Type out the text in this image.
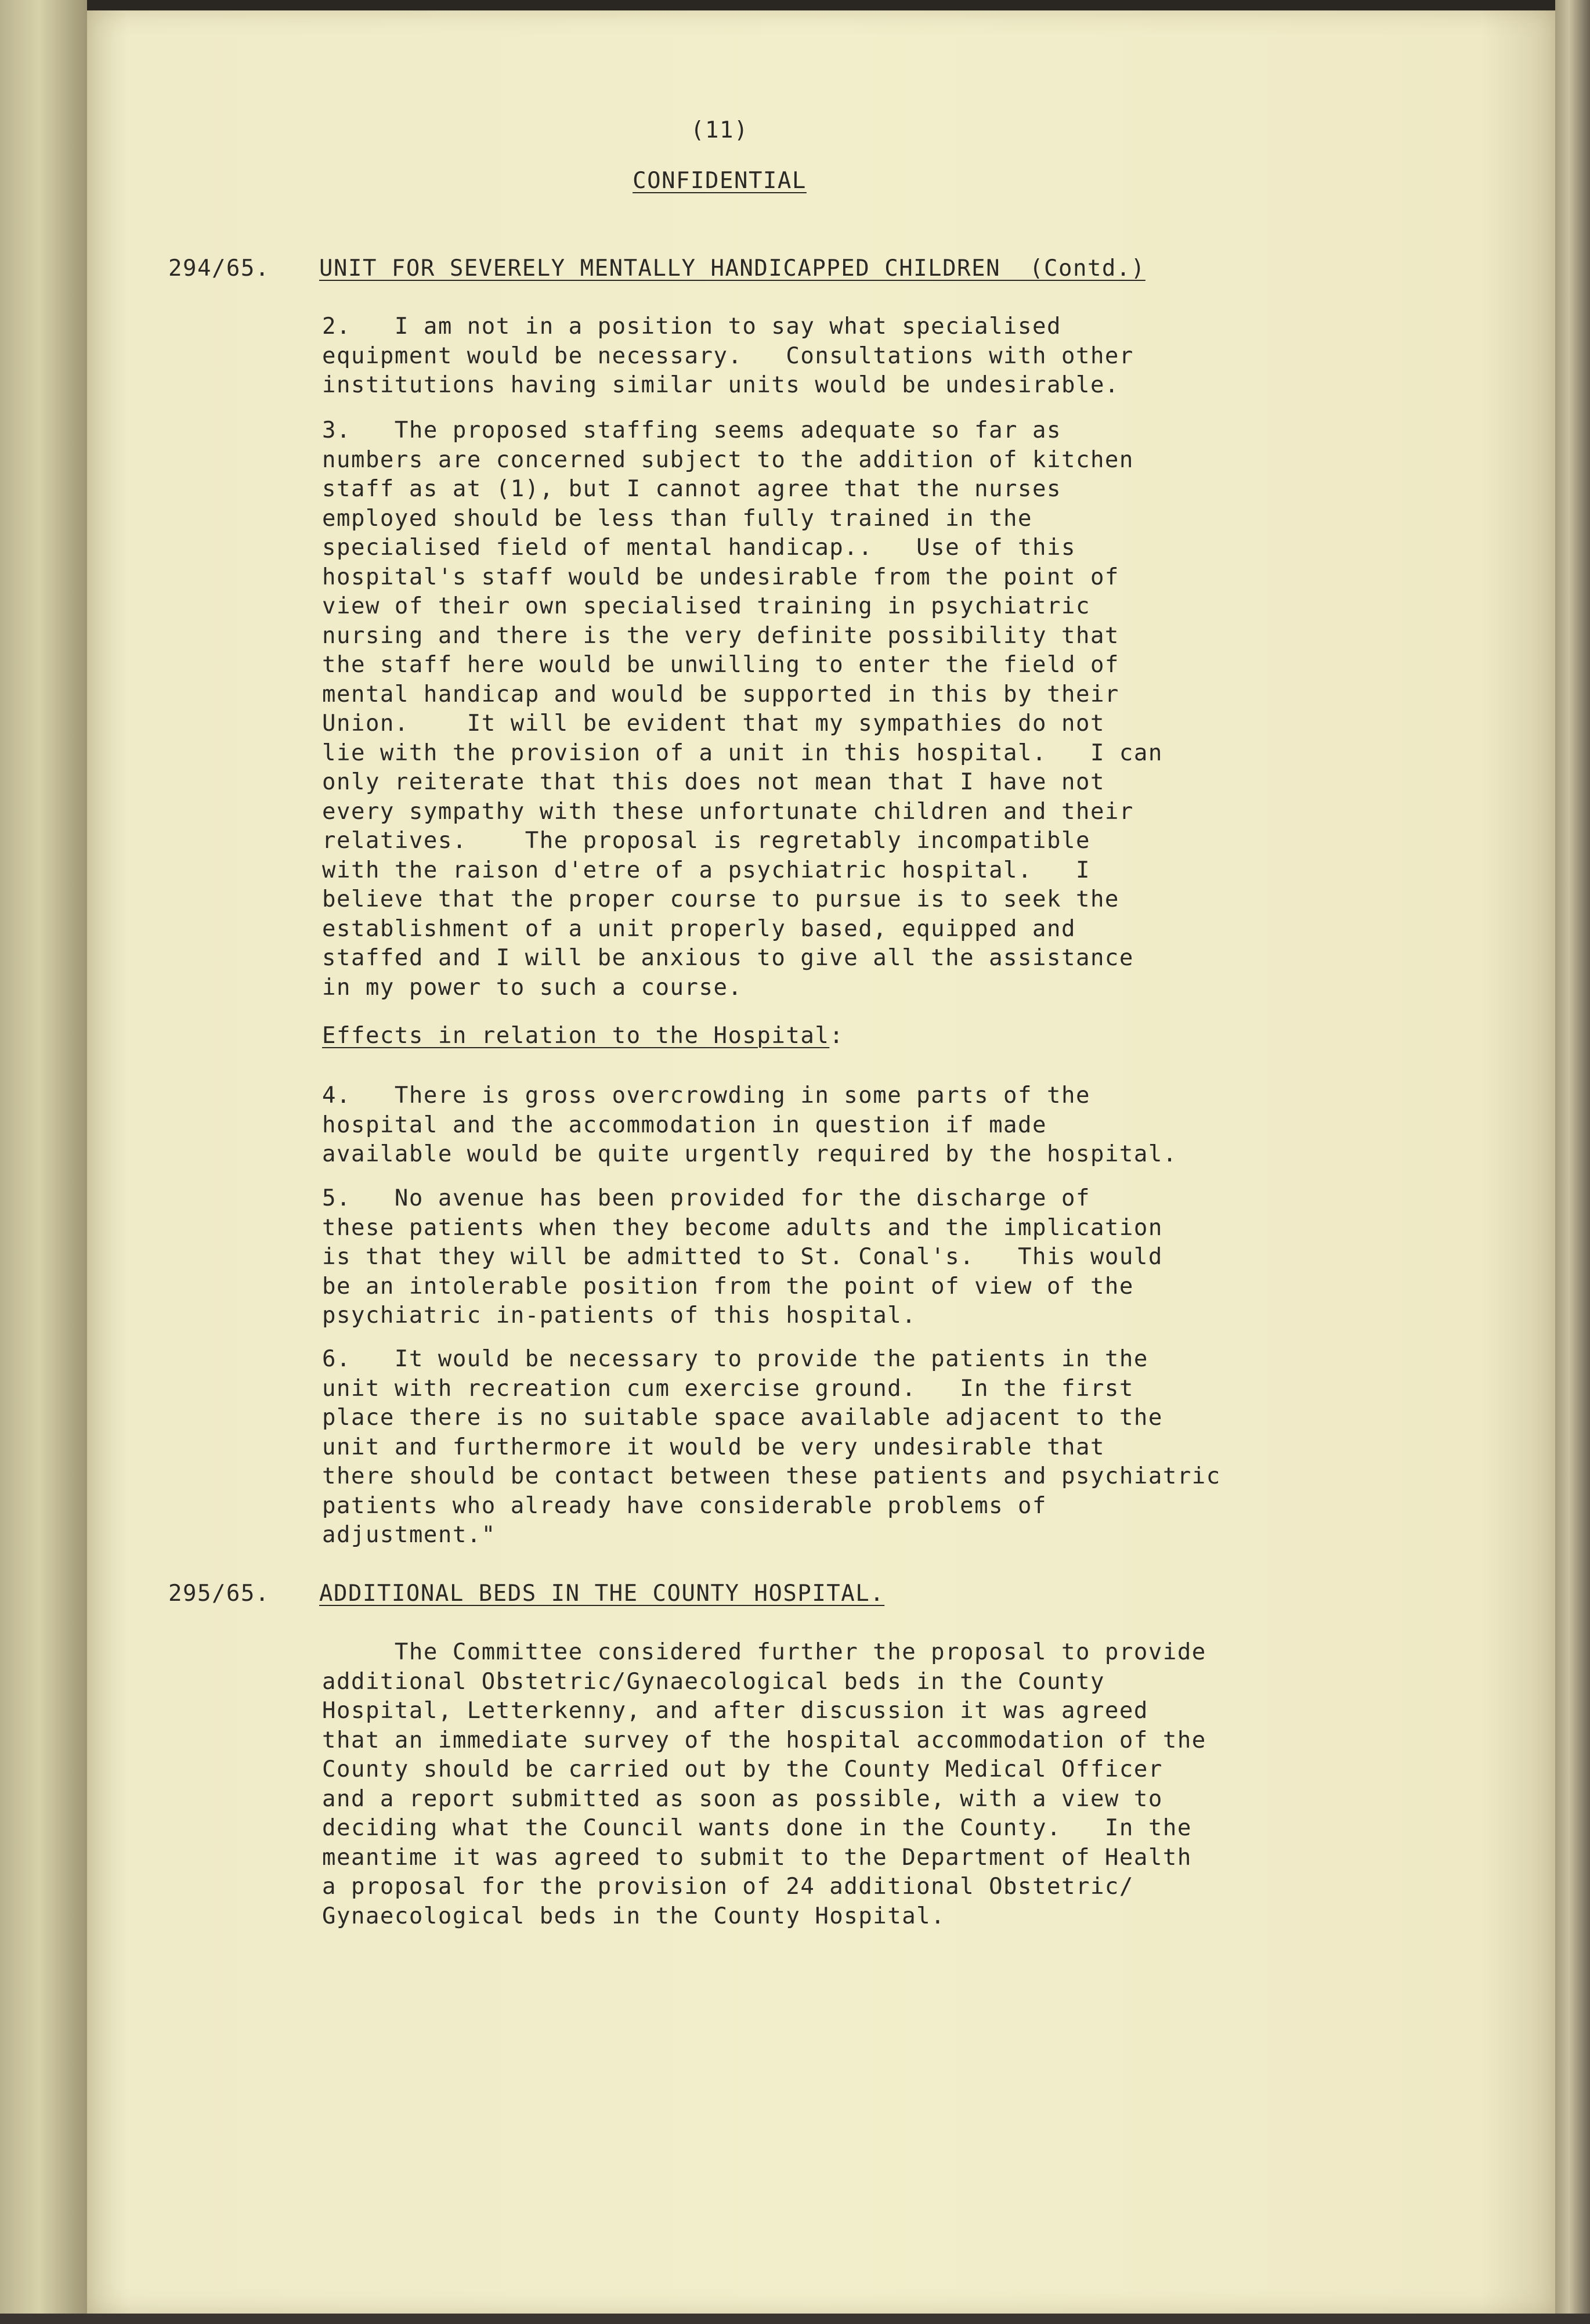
(11)
CONFIDENTIAL
294/65. UNIT FOR SEVERELY MENTALLY HANDICAPPED CHILDREN  (Contd.)

2.   I am not in a position to say what specialised
equipment would be necessary.   Consultations with other
institutions having similar units would be undesirable.

3.   The proposed staffing seems adequate so far as
numbers are concerned subject to the addition of kitchen
staff as at (1), but I cannot agree that the nurses
employed should be less than fully trained in the
specialised field of mental handicap..   Use of this
hospital's staff would be undesirable from the point of
view of their own specialised training in psychiatric
nursing and there is the very definite possibility that
the staff here would be unwilling to enter the field of
mental handicap and would be supported in this by their
Union.    It will be evident that my sympathies do not
lie with the provision of a unit in this hospital.   I can
only reiterate that this does not mean that I have not
every sympathy with these unfortunate children and their
relatives.    The proposal is regretably incompatible
with the raison d'etre of a psychiatric hospital.   I
believe that the proper course to pursue is to seek the
establishment of a unit properly based, equipped and
staffed and I will be anxious to give all the assistance
in my power to such a course.

Effects in relation to the Hospital:

4.   There is gross overcrowding in some parts of the
hospital and the accommodation in question if made
available would be quite urgently required by the hospital.

5.   No avenue has been provided for the discharge of
these patients when they become adults and the implication
is that they will be admitted to St. Conal's.   This would
be an intolerable position from the point of view of the
psychiatric in-patients of this hospital.

6.   It would be necessary to provide the patients in the
unit with recreation cum exercise ground.   In the first
place there is no suitable space available adjacent to the
unit and furthermore it would be very undesirable that
there should be contact between these patients and psychiatric
patients who already have considerable problems of
adjustment."

295/65. ADDITIONAL BEDS IN THE COUNTY HOSPITAL.

The Committee considered further the proposal to provide
additional Obstetric/Gynaecological beds in the County
Hospital, Letterkenny, and after discussion it was agreed
that an immediate survey of the hospital accommodation of the
County should be carried out by the County Medical Officer
and a report submitted as soon as possible, with a view to
deciding what the Council wants done in the County.   In the
meantime it was agreed to submit to the Department of Health
a proposal for the provision of 24 additional Obstetric/
Gynaecological beds in the County Hospital.
